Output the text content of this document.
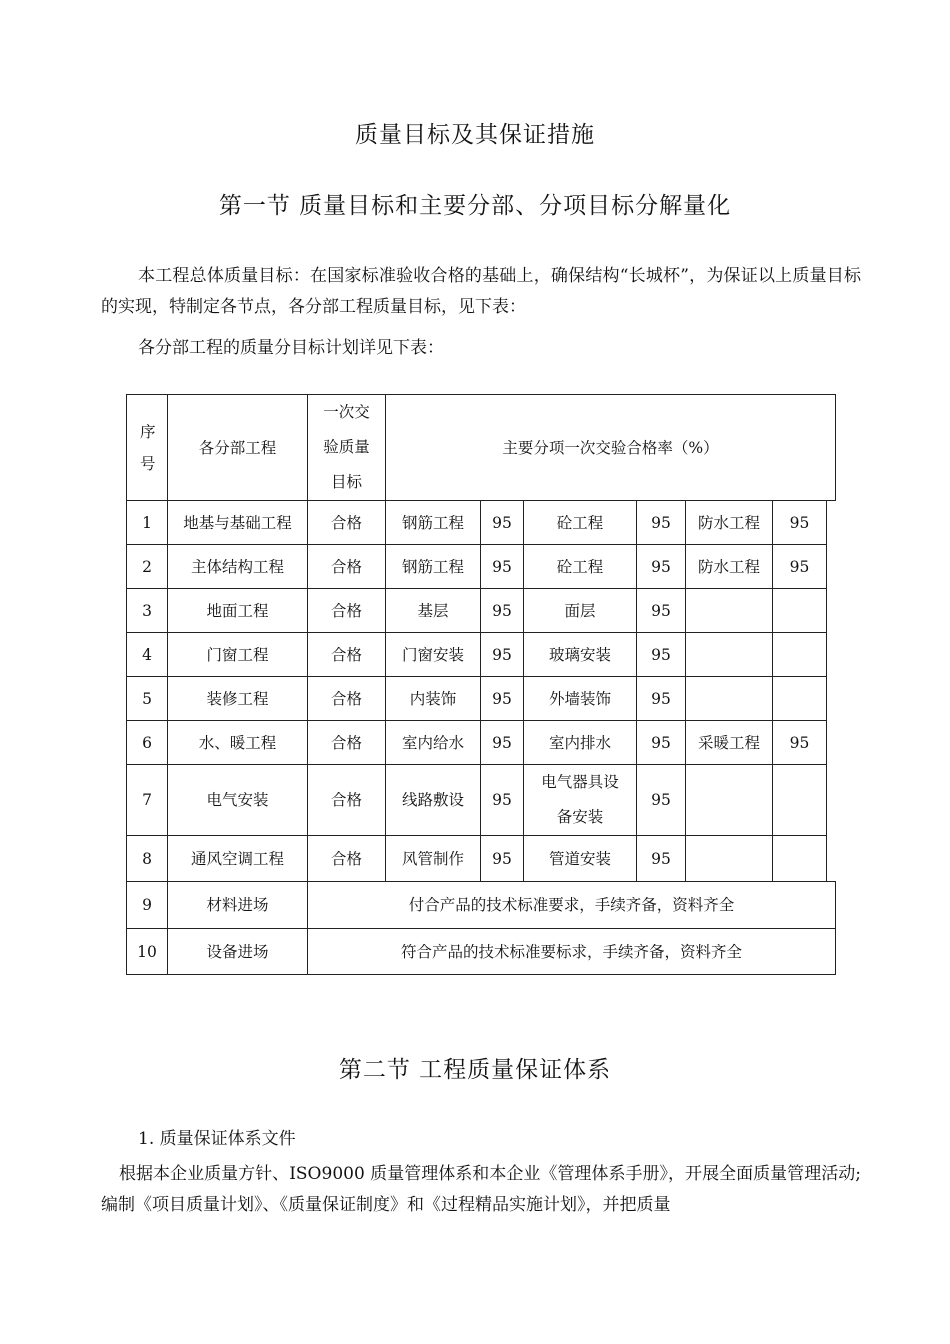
质量目标及其保证措施
第一节 质量目标和主要分部、分项目标分解量化
本工程总体质量目标：在国家标准验收合格的基础上，确保结构“长城杯”，为保证以上质量目标的实现，特制定各节点，各分部工程质量目标，见下表：
各分部工程的质量分目标计划详见下表：
序号	各分部工程	一次交验质量目标	主要分项一次交验合格率（%）						
1	地基与基础工程	合格	钢筋工程	95	砼工程	95	防水工程	95	
2	主体结构工程	合格	钢筋工程	95	砼工程	95	防水工程	95	
3	地面工程	合格	基层	95	面层	95			
4	门窗工程	合格	门窗安装	95	玻璃安装	95			
5	装修工程	合格	内装饰	95	外墙装饰	95			
6	水、暖工程	合格	室内给水	95	室内排水	95	采暖工程	95	
7	电气安装	合格	线路敷设	95	电气器具设备安装	95			
8	通风空调工程	合格	风管制作	95	管道安装	95			
9	材料进场	付合产品的技术标准要求，手续齐备，资料齐全							
10	设备进场	符合产品的技术标准要标求，手续齐备，资料齐全							
第二节 工程质量保证体系
1. 质量保证体系文件
根据本企业质量方针、ISO9000 质量管理体系和本企业《管理体系手册》，开展全面质量管理活动;编制《项目质量计划》、《质量保证制度》和《过程精品实施计划》，并把质量
